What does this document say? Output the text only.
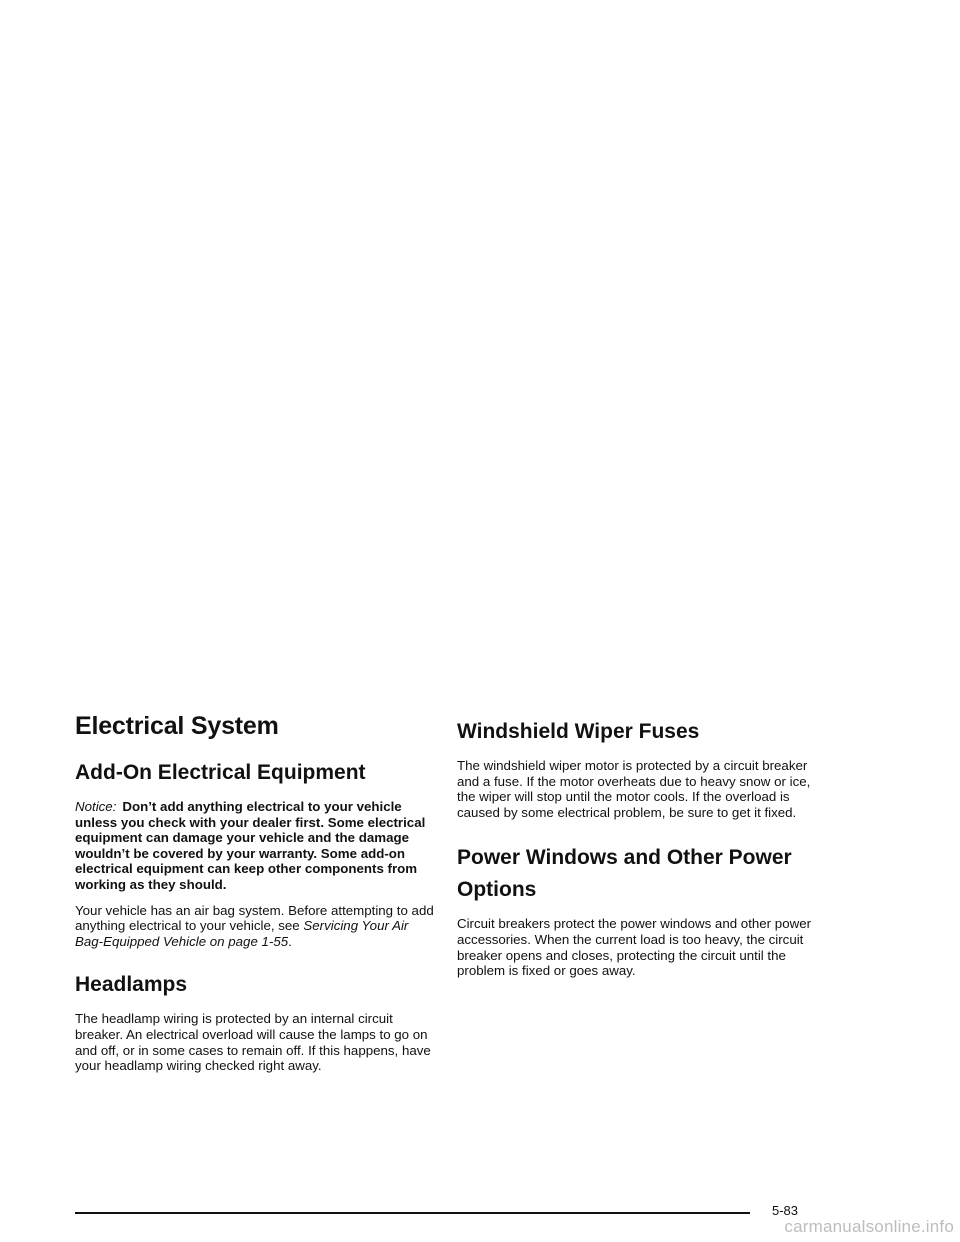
Electrical System
Add-On Electrical Equipment

Notice: Don’t add anything electrical to your vehicle unless you check with your dealer first. Some electrical equipment can damage your vehicle and the damage wouldn’t be covered by your warranty. Some add-on electrical equipment can keep other components from working as they should.

Your vehicle has an air bag system. Before attempting to add anything electrical to your vehicle, see Servicing Your Air Bag-Equipped Vehicle on page 1-55.

Headlamps

The headlamp wiring is protected by an internal circuit breaker. An electrical overload will cause the lamps to go on and off, or in some cases to remain off. If this happens, have your headlamp wiring checked right away.

Windshield Wiper Fuses

The windshield wiper motor is protected by a circuit breaker and a fuse. If the motor overheats due to heavy snow or ice, the wiper will stop until the motor cools. If the overload is caused by some electrical problem, be sure to get it fixed.

Power Windows and Other Power Options

Circuit breakers protect the power windows and other power accessories. When the current load is too heavy, the circuit breaker opens and closes, protecting the circuit until the problem is fixed or goes away.

5-83
carmanualsonline.info
